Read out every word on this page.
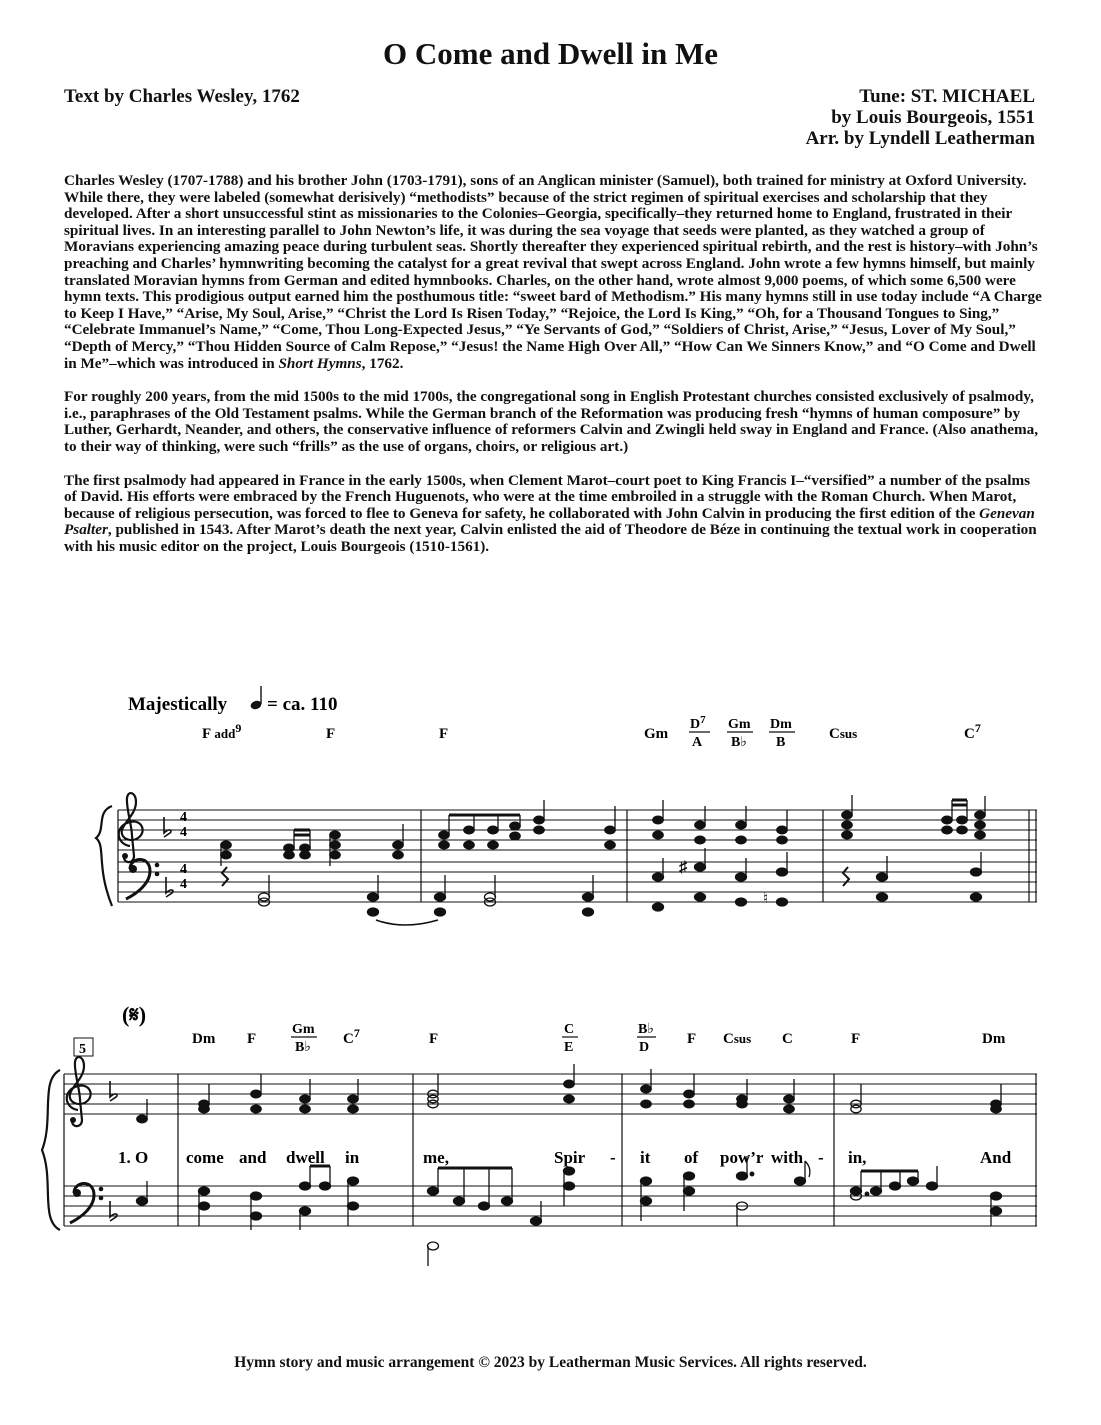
O Come and Dwell in Me
Text by Charles Wesley, 1762	Tune: ST. MICHAEL
by Louis Bourgeois, 1551
Arr. by Lyndell Leatherman

Charles Wesley (1707-1788) and his brother John (1703-1791), sons of an Anglican minister (Samuel), both trained for ministry at Oxford University. While there, they were labeled (somewhat derisively) “methodists” because of the strict regimen of spiritual exercises and scholarship that they developed. After a short unsuccessful stint as missionaries to the Colonies–Georgia, specifically–they returned home to England, frustrated in their spiritual lives. In an interesting parallel to John Newton’s life, it was during the sea voyage that seeds were planted, as they watched a group of Moravians experiencing amazing peace during turbulent seas. Shortly thereafter they experienced spiritual rebirth, and the rest is history–with John’s preaching and Charles’ hymnwriting becoming the catalyst for a great revival that swept across England. John wrote a few hymns himself, but mainly translated Moravian hymns from German and edited hymnbooks. Charles, on the other hand, wrote almost 9,000 poems, of which some 6,500 were hymn texts. This prodigious output earned him the posthumous title: “sweet bard of Methodism.” His many hymns still in use today include “A Charge to Keep I Have,” “Arise, My Soul, Arise,” “Christ the Lord Is Risen Today,” “Rejoice, the Lord Is King,” “Oh, for a Thousand Tongues to Sing,” “Celebrate Immanuel’s Name,” “Come, Thou Long-Expected Jesus,” “Ye Servants of God,” “Soldiers of Christ, Arise,” “Jesus, Lover of My Soul,” “Depth of Mercy,” “Thou Hidden Source of Calm Repose,” “Jesus! the Name High Over All,” “How Can We Sinners Know,” and “O Come and Dwell in Me”–which was introduced in Short Hymns, 1762.

For roughly 200 years, from the mid 1500s to the mid 1700s, the congregational song in English Protestant churches consisted exclusively of psalmody, i.e., paraphrases of the Old Testament psalms. While the German branch of the Reformation was producing fresh “hymns of human composure” by Luther, Gerhardt, Neander, and others, the conservative influence of reformers Calvin and Zwingli held sway in England and France. (Also anathema, to their way of thinking, were such “frills” as the use of organs, choirs, or religious art.)

The first psalmody had appeared in France in the early 1500s, when Clement Marot–court poet to King Francis I–“versified” a number of the psalms of David. His efforts were embraced by the French Huguenots, who were at the time embroiled in a struggle with the Roman Church. When Marot, because of religious persecution, was forced to flee to Geneva for safety, he collaborated with John Calvin in producing the first edition of the Genevan Psalter, published in 1543. After Marot’s death the next year, Calvin enlisted the aid of Theodore de Béze in continuing the textual work in cooperation with his music editor on the project, Louis Bourgeois (1510-1561).

Majestically = ca. 110
F add$^9$	F	F	Gm
$D^7$
A
Gm
B♭
Dm
B
Csus	$C^7$
4
4
4
4
♯
♮
(𝄋)
5
Dm F
Gm
B♭
$C^7$	F
C
E
B♭
D
F Csus C	F	Dm
1. O come and dwell in	me,	Spir - it of pow’r with - in,	And
Hymn story and music arrangement © 2023 by Leatherman Music Services. All rights reserved.
